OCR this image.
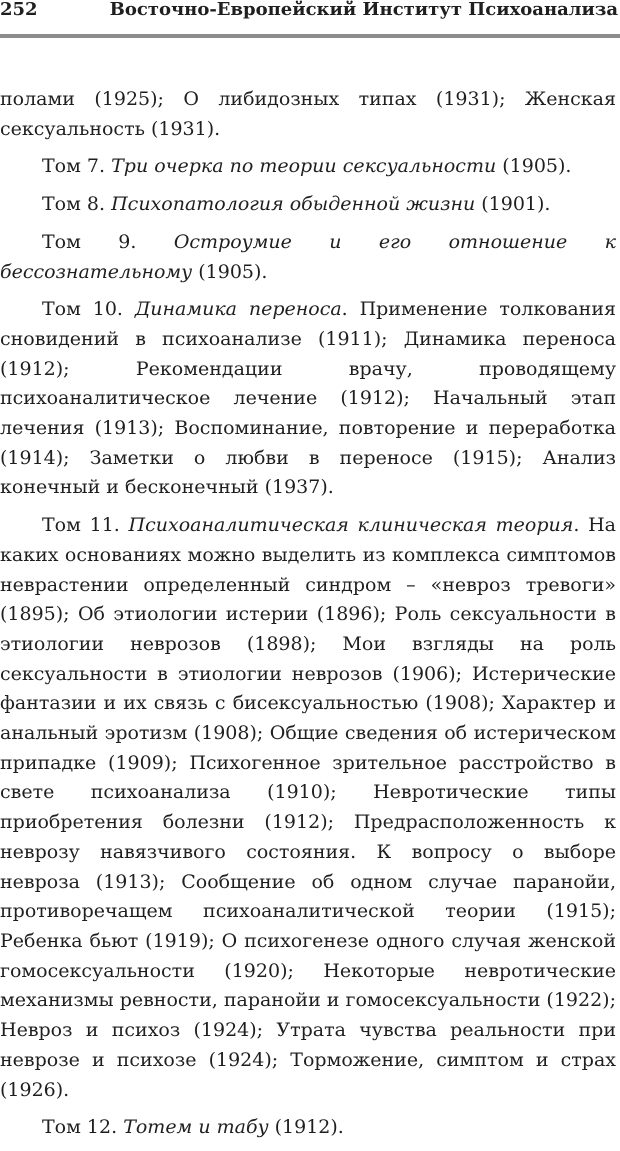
252	Восточно-Европейский Институт Психоанализа

полами (1925); О либидозных типах (1931); Женская сексуальность (1931).

Том 7. Три очерка по теории сексуальности (1905).

Том 8. Психопатология обыденной жизни (1901).

Том 9. Остроумие и его отношение к бессознательному (1905).

Том 10. Динамика переноса. Применение толкования сновидений в психоанализе (1911); Динамика переноса (1912); Рекомендации врачу, проводящему психоаналитическое лечение (1912); Начальный этап лечения (1913); Воспоминание, повторение и переработка (1914); Заметки о любви в переносе (1915); Анализ конечный и бесконечный (1937).

Том 11. Психоаналитическая клиническая теория. На каких основаниях можно выделить из комплекса симптомов неврастении определенный синдром – «невроз тревоги» (1895); Об этиологии истерии (1896); Роль сексуальности в этиологии неврозов (1898); Мои взгляды на роль сексуальности в этиологии неврозов (1906); Истерические фантазии и их связь с бисексуальностью (1908); Характер и анальный эротизм (1908); Общие сведения об истерическом припадке (1909); Психогенное зрительное расстройство в свете психоанализа (1910); Невротические типы приобретения болезни (1912); Предрасположенность к неврозу навязчивого состояния. К вопросу о выборе невроза (1913); Сообщение об одном случае паранойи, противоречащем психоаналитической теории (1915); Ребенка бьют (1919); О психогенезе одного случая женской гомосексуальности (1920); Некоторые невротические механизмы ревности, паранойи и гомосексуальности (1922); Невроз и психоз (1924); Утрата чувства реальности при неврозе и психозе (1924); Торможение, симптом и страх (1926).

Том 12. Тотем и табу (1912).
